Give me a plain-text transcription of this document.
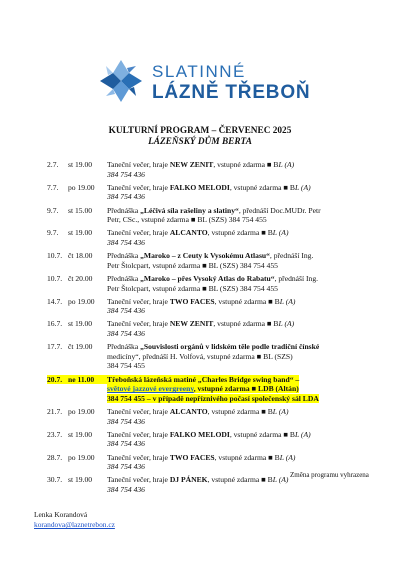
SLATINNÉ
LÁZNĚ TŘEBOŇ
KULTURNÍ PROGRAM – ČERVENEC 2025
LÁZEŇSKÝ DŮM BERTA
2.7.	st 19.00	Taneční večer, hraje NEW ZENIT, vstupné zdarma ■ BL (A)
384 754 436
7.7.	po 19.00	Taneční večer, hraje FALKO MELODI, vstupné zdarma ■ BL (A)
384 754 436
9.7.	st 15.00	Přednáška „Léčivá síla rašeliny a slatiny“, přednáší Doc.MUDr. Petr
Petr, CSc., vstupné zdarma ■ BL (SZS) 384 754 455
9.7.	st 19.00	Taneční večer, hraje ALCANTO, vstupné zdarma ■ BL (A)
384 754 436
10.7. čt 18.00	Přednáška „Maroko – z Ceuty k Vysokému Atlasu“, přednáší Ing.
Petr Štolcpart, vstupné zdarma ■ BL (SZS) 384 754 455
10.7. čt 20.00	Přednáška „Maroko – přes Vysoký Atlas do Rabatu“, přednáší Ing.
Petr Štolcpart, vstupné zdarma ■ BL (SZS) 384 754 455
14.7. po 19.00	Taneční večer, hraje TWO FACES, vstupné zdarma ■ BL (A)
384 754 436
16.7. st 19.00	Taneční večer, hraje NEW ZENIT, vstupné zdarma ■ BL (A)
384 754 436
17.7. čt 19.00	Přednáška „Souvislosti orgánů v lidském těle podle tradiční čínské
medicíny“, přednáší H. Volfová, vstupné zdarma ■ BL (SZS)
384 754 455
20.7. ne 11.00	Třeboňská lázeňská matiné „Charles Bridge swing band“ –
světové jazzové evergreeny, vstupné zdarma ■ LDB (Altán)
384 754 455 – v případě nepříznivého počasí společenský sál LDA
21.7. po 19.00	Taneční večer, hraje ALCANTO, vstupné zdarma ■ BL (A)
384 754 436
23.7. st 19.00	Taneční večer, hraje FALKO MELODI, vstupné zdarma ■ BL (A)
384 754 436
28.7. po 19.00	Taneční večer, hraje TWO FACES, vstupné zdarma ■ BL (A)
384 754 436
30.7. st 19.00	Taneční večer, hraje DJ PÁNEK, vstupné zdarma ■ BL (A)
384 754 436
Změna programu vyhrazena
Lenka Korandová
korandova@laznetrebon.cz
